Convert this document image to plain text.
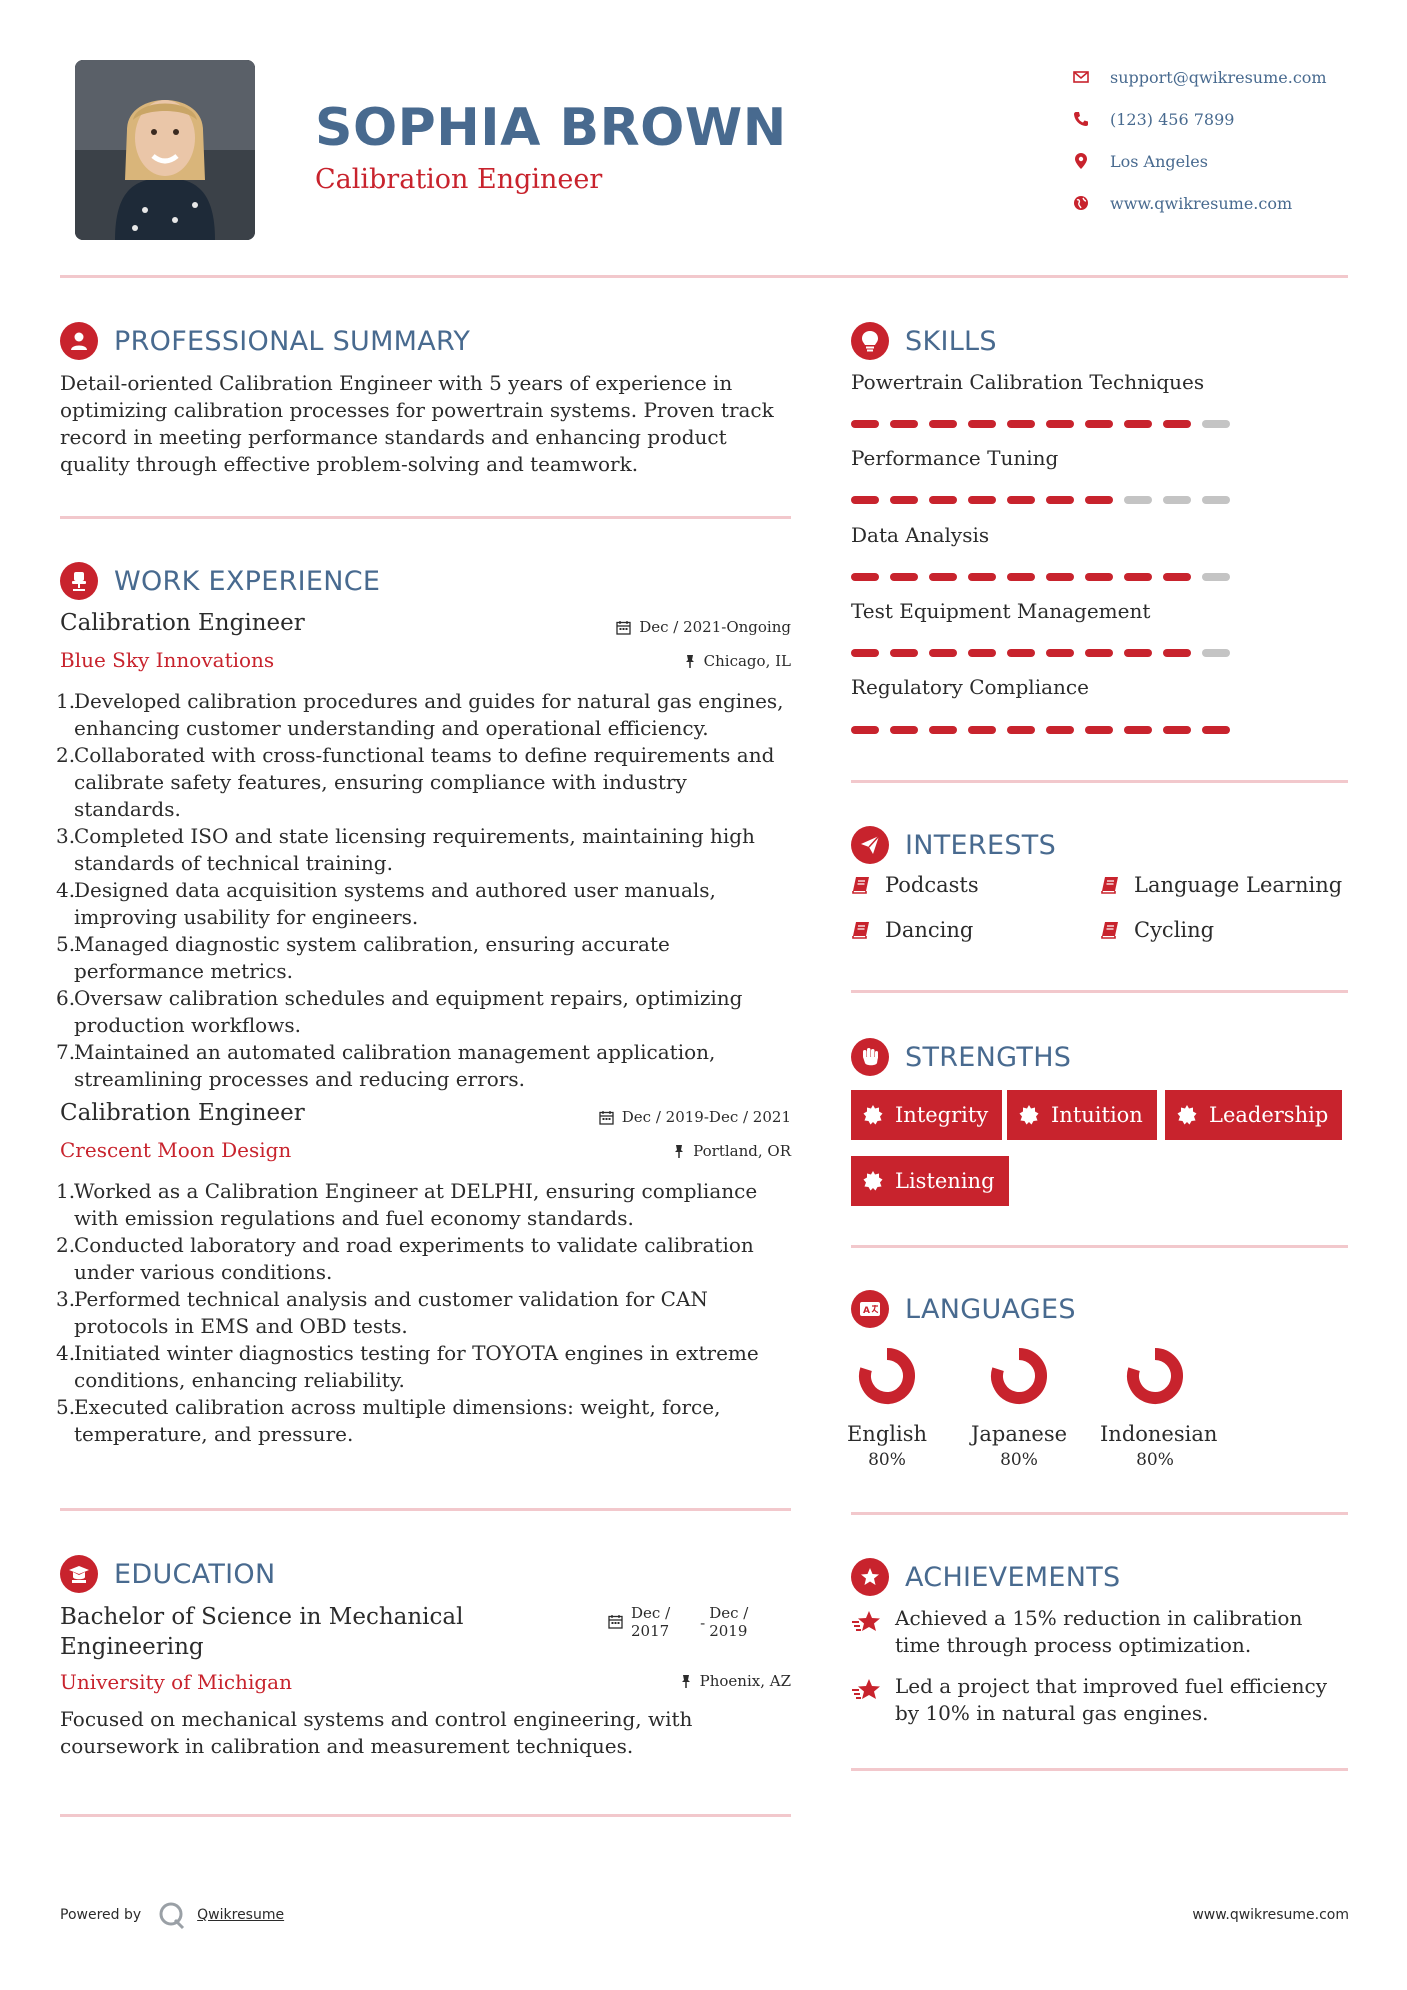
SOPHIA BROWN
Calibration Engineer
support@qwikresume.com
(123) 456 7899
Los Angeles
www.qwikresume.com
PROFESSIONAL SUMMARY
Detail-oriented Calibration Engineer with 5 years of experience in optimizing calibration processes for powertrain systems. Proven track record in meeting performance standards and enhancing product quality through effective problem-solving and teamwork.
WORK EXPERIENCE
Calibration Engineer	Dec / 2021-Ongoing
Blue Sky Innovations	Chicago, IL
1.
Developed calibration procedures and guides for natural gas engines, enhancing customer understanding and operational efficiency.
2.
Collaborated with cross-functional teams to define requirements and calibrate safety features, ensuring compliance with industry standards.
3.
Completed ISO and state licensing requirements, maintaining high standards of technical training.
4.
Designed data acquisition systems and authored user manuals, improving usability for engineers.
5.
Managed diagnostic system calibration, ensuring accurate performance metrics.
6.
Oversaw calibration schedules and equipment repairs, optimizing production workflows.
7.
Maintained an automated calibration management application, streamlining processes and reducing errors.
Calibration Engineer	Dec / 2019-Dec / 2021
Crescent Moon Design	Portland, OR
1.
Worked as a Calibration Engineer at DELPHI, ensuring compliance with emission regulations and fuel economy standards.
2.
Conducted laboratory and road experiments to validate calibration under various conditions.
3.
Performed technical analysis and customer validation for CAN protocols in EMS and OBD tests.
4.
Initiated winter diagnostics testing for TOYOTA engines in extreme conditions, enhancing reliability.
5.
Executed calibration across multiple dimensions: weight, force, temperature, and pressure.
EDUCATION
Bachelor of Science in Mechanical
Engineering
Dec /
2017 -
Dec /
2019
University of Michigan	Phoenix, AZ
Focused on mechanical systems and control engineering, with coursework in calibration and measurement techniques.
SKILLS
Powertrain Calibration Techniques
Performance Tuning
Data Analysis
Test Equipment Management
Regulatory Compliance
INTERESTS
Podcasts	Language Learning
Dancing	Cycling
STRENGTHS
Integrity	Intuition	Leadership
Listening
A LANGUAGES
English
80%
Japanese
80%
Indonesian
80%
ACHIEVEMENTS
Achieved a 15% reduction in calibration time through process optimization.
Led a project that improved fuel efficiency by 10% in natural gas engines.
Powered by	Qwikresume	www.qwikresume.com
